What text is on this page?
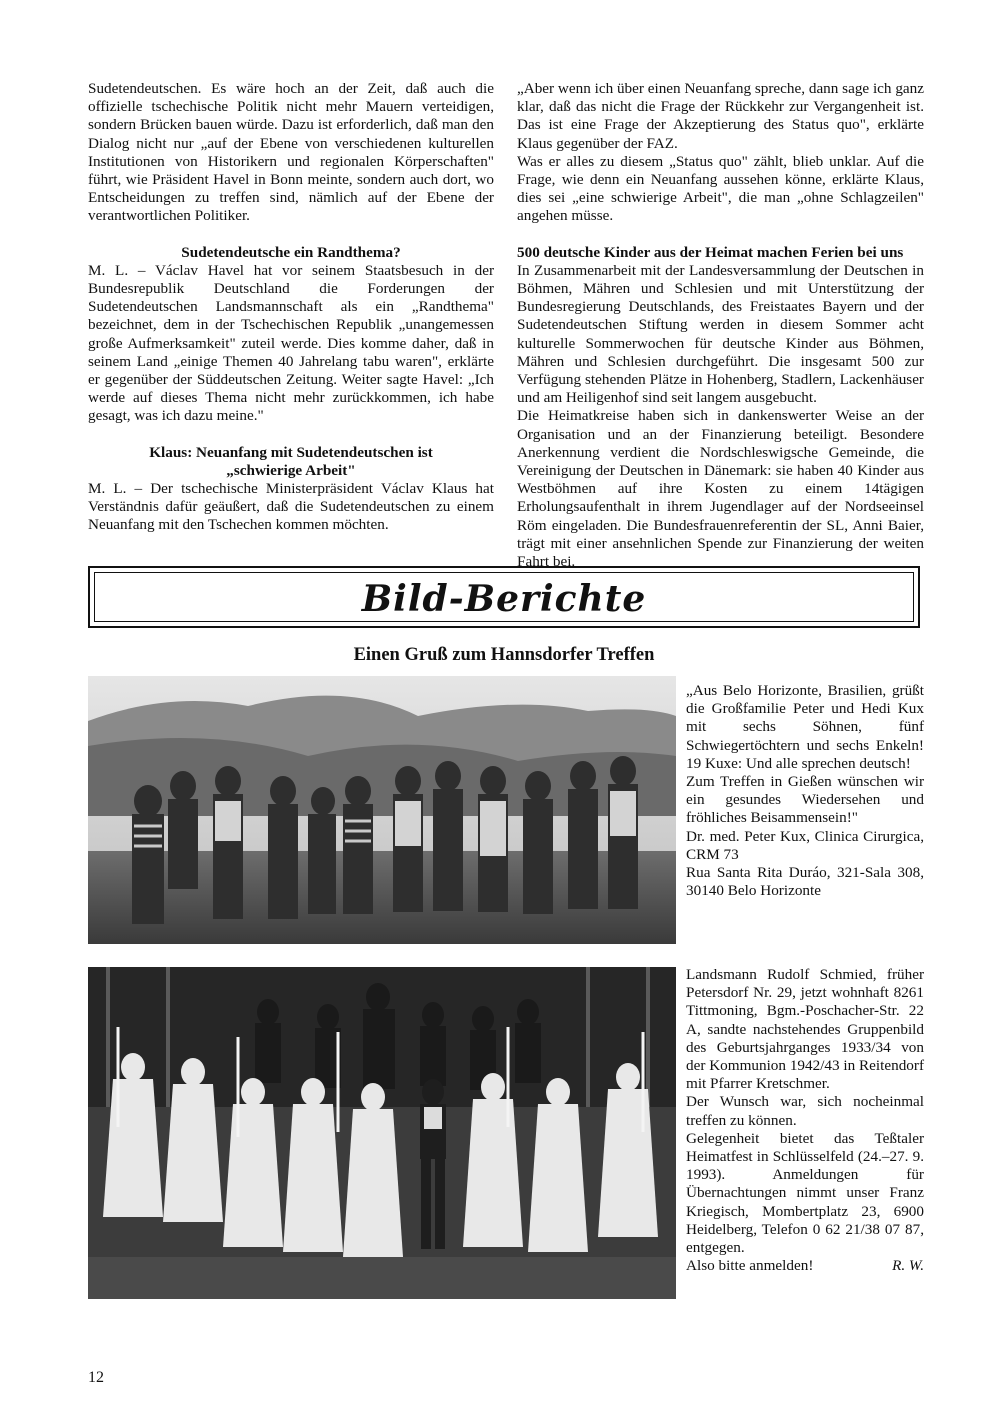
Sudetendeutschen. Es wäre hoch an der Zeit, daß auch die offizielle tschechische Politik nicht mehr Mauern verteidigen, sondern Brücken bauen würde. Dazu ist erforderlich, daß man den Dialog nicht nur „auf der Ebene von verschiedenen kulturellen Institutionen von Historikern und regionalen Körperschaften" führt, wie Präsident Havel in Bonn meinte, sondern auch dort, wo Entscheidungen zu treffen sind, nämlich auf der Ebene der verantwortlichen Politiker.

Sudetendeutsche ein Randthema?

M. L. – Václav Havel hat vor seinem Staatsbesuch in der Bundesrepublik Deutschland die Forderungen der Sudetendeutschen Landsmannschaft als ein „Randthema" bezeichnet, dem in der Tschechischen Republik „unangemessen große Aufmerksamkeit" zuteil werde. Dies komme daher, daß in seinem Land „einige Themen 40 Jahrelang tabu waren", erklärte er gegenüber der Süddeutschen Zeitung. Weiter sagte Havel: „Ich werde auf dieses Thema nicht mehr zurückkommen, ich habe gesagt, was ich dazu meine."

Klaus: Neuanfang mit Sudetendeutschen ist

„schwierige Arbeit"

M. L. – Der tschechische Ministerpräsident Václav Klaus hat Verständnis dafür geäußert, daß die Sudetendeutschen zu einem Neuanfang mit den Tschechen kommen möchten.

„Aber wenn ich über einen Neuanfang spreche, dann sage ich ganz klar, daß das nicht die Frage der Rückkehr zur Vergangenheit ist. Das ist eine Frage der Akzeptierung des Status quo", erklärte Klaus gegenüber der FAZ.

Was er alles zu diesem „Status quo" zählt, blieb unklar. Auf die Frage, wie denn ein Neuanfang aussehen könne, erklärte Klaus, dies sei „eine schwierige Arbeit", die man „ohne Schlagzeilen" angehen müsse.

500 deutsche Kinder aus der Heimat machen Ferien bei uns

In Zusammenarbeit mit der Landesversammlung der Deutschen in Böhmen, Mähren und Schlesien und mit Unterstützung der Bundesregierung Deutschlands, des Freistaates Bayern und der Sudetendeutschen Stiftung werden in diesem Sommer acht kulturelle Sommerwochen für deutsche Kinder aus Böhmen, Mähren und Schlesien durchgeführt. Die insgesamt 500 zur Verfügung stehenden Plätze in Hohenberg, Stadlern, Lackenhäuser und am Heiligenhof sind seit langem ausgebucht.

Die Heimatkreise haben sich in dankenswerter Weise an der Organisation und an der Finanzierung beteiligt. Besondere Anerkennung verdient die Nordschleswigsche Gemeinde, die Vereinigung der Deutschen in Dänemark: sie haben 40 Kinder aus Westböhmen auf ihre Kosten zu einem 14tägigen Erholungsaufenthalt in ihrem Jugendlager auf der Nordseeinsel Röm eingeladen. Die Bundesfrauenreferentin der SL, Anni Baier, trägt mit einer ansehnlichen Spende zur Finanzierung der weiten Fahrt bei.

Bild-Berichte
Einen Gruß zum Hannsdorfer Treffen
„Aus Belo Horizonte, Brasilien, grüßt die Großfamilie Peter und Hedi Kux mit sechs Söhnen, fünf Schwiegertöchtern und sechs Enkeln! 19 Kuxe: Und alle sprechen deutsch!
Zum Treffen in Gießen wünschen wir ein gesundes Wiedersehen und fröhliches Beisammensein!"
Dr. med. Peter Kux, Clinica Cirurgica, CRM 73
Rua Santa Rita Duráo, 321-Sala 308, 30140 Belo Horizonte
Landsmann Rudolf Schmied, früher Petersdorf Nr. 29, jetzt wohnhaft 8261 Tittmoning, Bgm.-Poschacher-Str. 22 A, sandte nachstehendes Gruppenbild des Geburtsjahrganges 1933/34 von der Kommunion 1942/43 in Reitendorf mit Pfarrer Kretschmer.
Der Wunsch war, sich nocheinmal treffen zu können.
Gelegenheit bietet das Teßtaler Heimatfest in Schlüsselfeld (24.–27. 9. 1993). Anmeldungen für Übernachtungen nimmt unser Franz Kriegisch, Mombertplatz 23, 6900 Heidelberg, Telefon 0 62 21/38 07 87, entgegen.
Also bitte anmelden!	R. W.
12
